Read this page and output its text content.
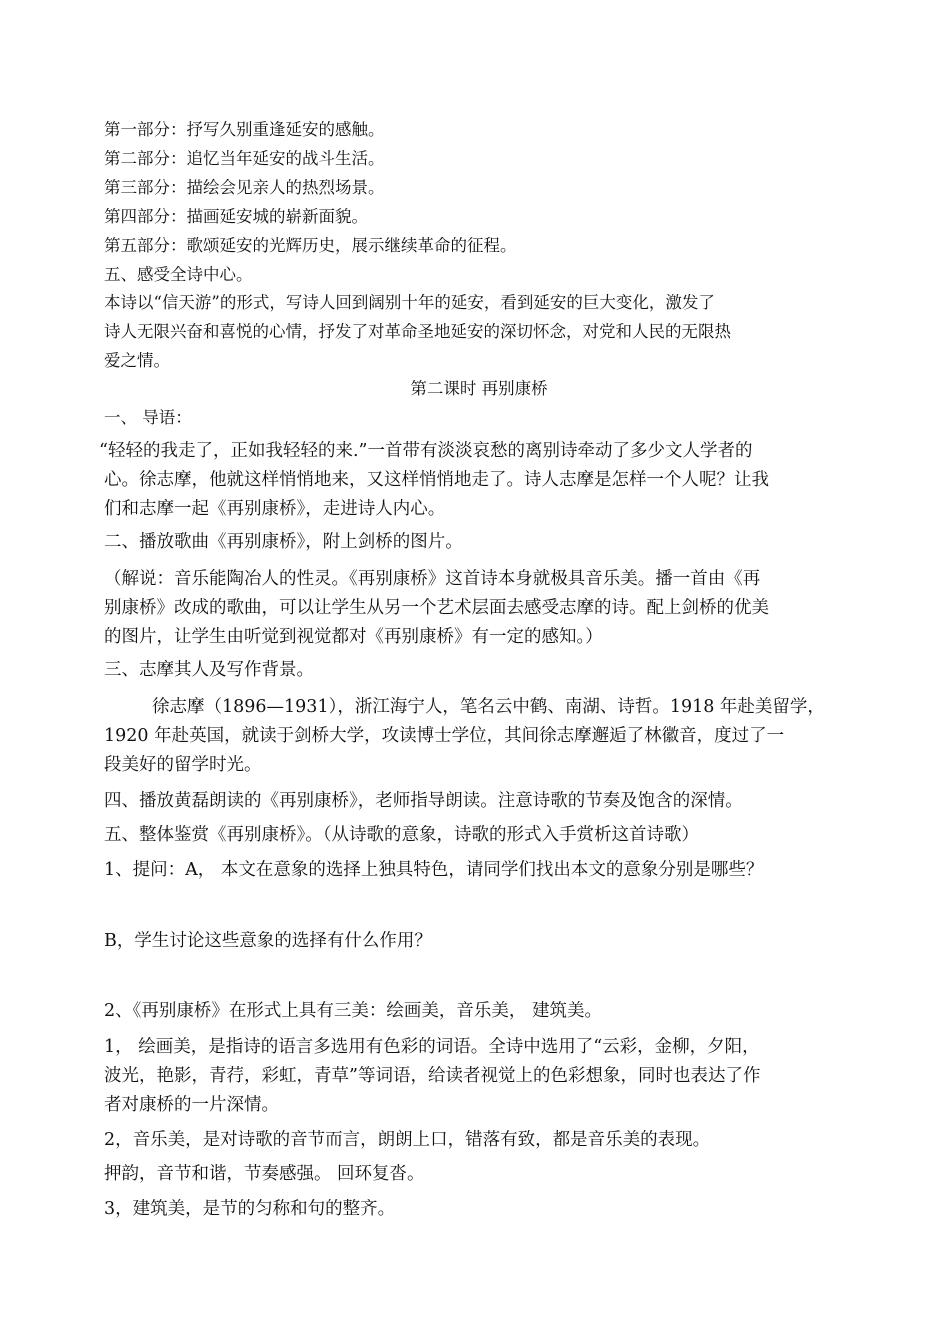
第一部分：抒写久别重逢延安的感触。

第二部分：追忆当年延安的战斗生活。

第三部分：描绘会见亲人的热烈场景。

第四部分：描画延安城的崭新面貌。

第五部分：歌颂延安的光辉历史，展示继续革命的征程。

五、感受全诗中心。

本诗以“信天游”的形式，写诗人回到阔别十年的延安，看到延安的巨大变化，激发了

诗人无限兴奋和喜悦的心情，抒发了对革命圣地延安的深切怀念，对党和人民的无限热

爱之情。

第二课时 再别康桥

一、 导语：

“轻轻的我走了，正如我轻轻的来.”一首带有淡淡哀愁的离别诗牵动了多少文人学者的

心。徐志摩，他就这样悄悄地来，又这样悄悄地走了。诗人志摩是怎样一个人呢？让我

们和志摩一起《再别康桥》，走进诗人内心。

二、播放歌曲《再别康桥》，附上剑桥的图片。

（解说：音乐能陶冶人的性灵。《再别康桥》这首诗本身就极具音乐美。播一首由《再

别康桥》改成的歌曲，可以让学生从另一个艺术层面去感受志摩的诗。配上剑桥的优美

的图片，让学生由听觉到视觉都对《再别康桥》有一定的感知。）

三、志摩其人及写作背景。

徐志摩（1896—1931），浙江海宁人，笔名云中鹤、南湖、诗哲。1918 年赴美留学，

1920 年赴英国，就读于剑桥大学，攻读博士学位，其间徐志摩邂逅了林徽音，度过了一

段美好的留学时光。

四、播放黄磊朗读的《再别康桥》，老师指导朗读。注意诗歌的节奏及饱含的深情。

五、整体鉴赏《再别康桥》。（从诗歌的意象，诗歌的形式入手赏析这首诗歌）

1、提问：A， 本文在意象的选择上独具特色，请同学们找出本文的意象分别是哪些？

B，学生讨论这些意象的选择有什么作用？

2、《再别康桥》在形式上具有三美：绘画美，音乐美， 建筑美。

1， 绘画美，是指诗的语言多选用有色彩的词语。全诗中选用了“云彩，金柳，夕阳，

波光，艳影，青荇，彩虹，青草”等词语，给读者视觉上的色彩想象，同时也表达了作

者对康桥的一片深情。

2，音乐美，是对诗歌的音节而言，朗朗上口，错落有致，都是音乐美的表现。

押韵，音节和谐，节奏感强。 回环复沓。

3，建筑美，是节的匀称和句的整齐。
